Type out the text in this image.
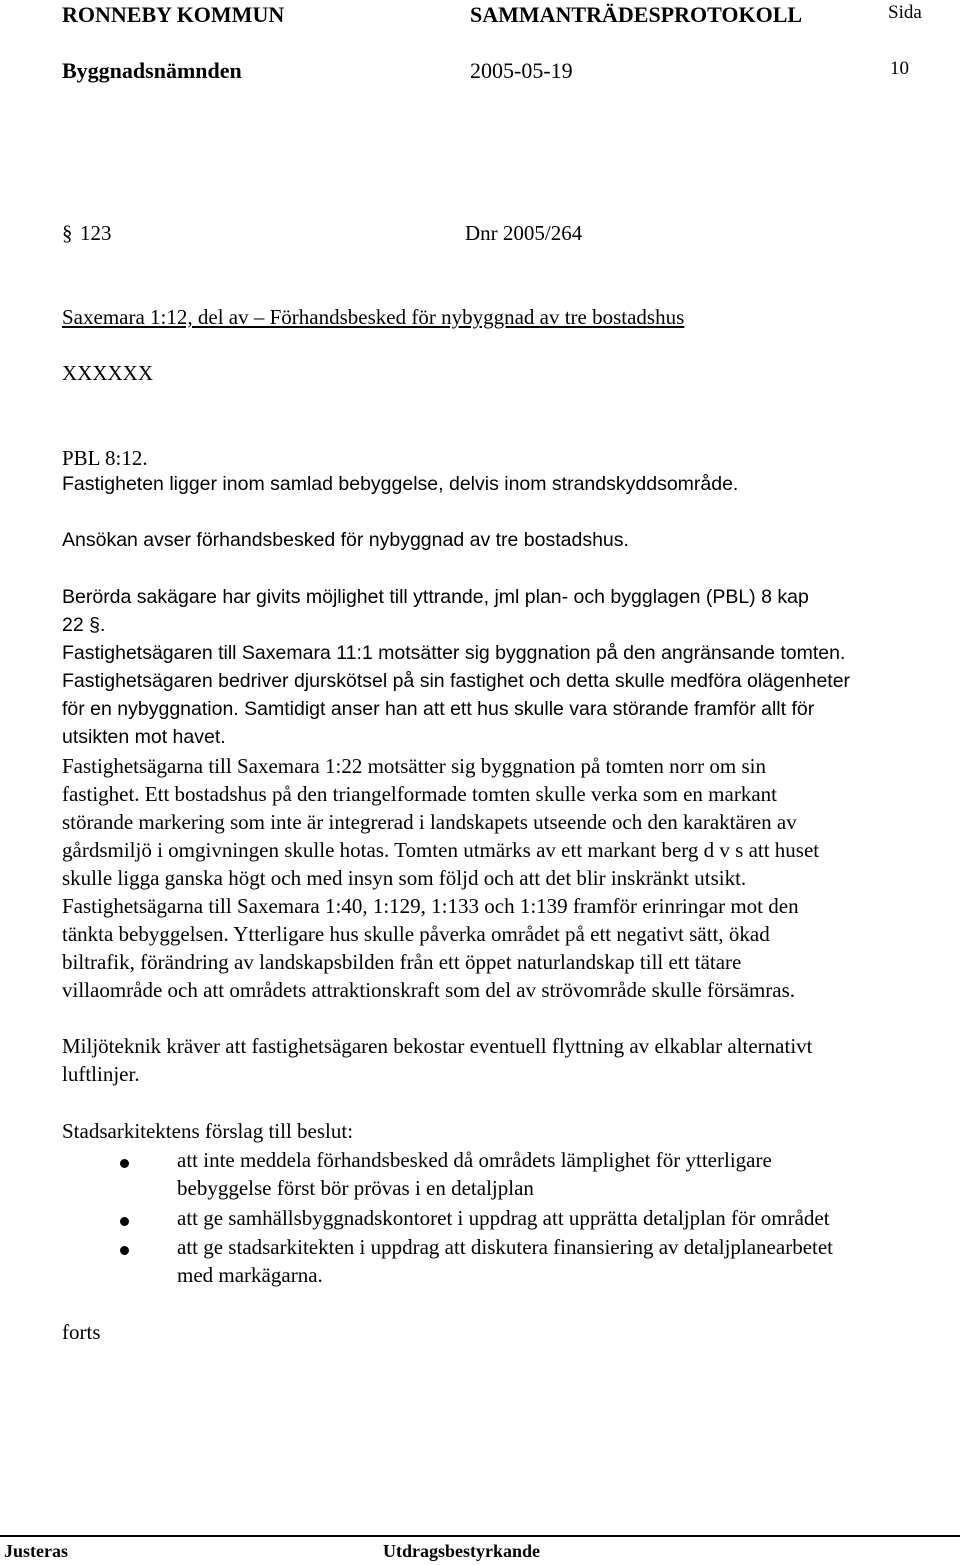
RONNEBY KOMMUN	SAMMANTRÄDESPROTOKOLL	Sida
Byggnadsnämnden	2005-05-19	10
§ 123	Dnr 2005/264
Saxemara 1:12, del av – Förhandsbesked för nybyggnad av tre bostadshus
XXXXXX
PBL 8:12.
Fastigheten ligger inom samlad bebyggelse, delvis inom strandskyddsområde.
Ansökan avser förhandsbesked för nybyggnad av tre bostadshus.
Berörda sakägare har givits möjlighet till yttrande, jml plan- och bygglagen (PBL) 8 kap
22 §.
Fastighetsägaren till Saxemara 11:1 motsätter sig byggnation på den angränsande tomten.
Fastighetsägaren bedriver djurskötsel på sin fastighet och detta skulle medföra olägenheter
för en nybyggnation. Samtidigt anser han att ett hus skulle vara störande framför allt för
utsikten mot havet.
Fastighetsägarna till Saxemara 1:22 motsätter sig byggnation på tomten norr om sin
fastighet. Ett bostadshus på den triangelformade tomten skulle verka som en markant
störande markering som inte är integrerad i landskapets utseende och den karaktären av
gårdsmiljö i omgivningen skulle hotas. Tomten utmärks av ett markant berg d v s att huset
skulle ligga ganska högt och med insyn som följd och att det blir inskränkt utsikt.
Fastighetsägarna till Saxemara 1:40, 1:129, 1:133 och 1:139 framför erinringar mot den
tänkta bebyggelsen. Ytterligare hus skulle påverka området på ett negativt sätt, ökad
biltrafik, förändring av landskapsbilden från ett öppet naturlandskap till ett tätare
villaområde och att områdets attraktionskraft som del av strövområde skulle försämras.
Miljöteknik kräver att fastighetsägaren bekostar eventuell flyttning av elkablar alternativt
luftlinjer.
Stadsarkitektens förslag till beslut:
att inte meddela förhandsbesked då områdets lämplighet för ytterligare
bebyggelse först bör prövas i en detaljplan
att ge samhällsbyggnadskontoret i uppdrag att upprätta detaljplan för området
att ge stadsarkitekten i uppdrag att diskutera finansiering av detaljplanearbetet
med markägarna.
forts
Justeras	Utdragsbestyrkande
